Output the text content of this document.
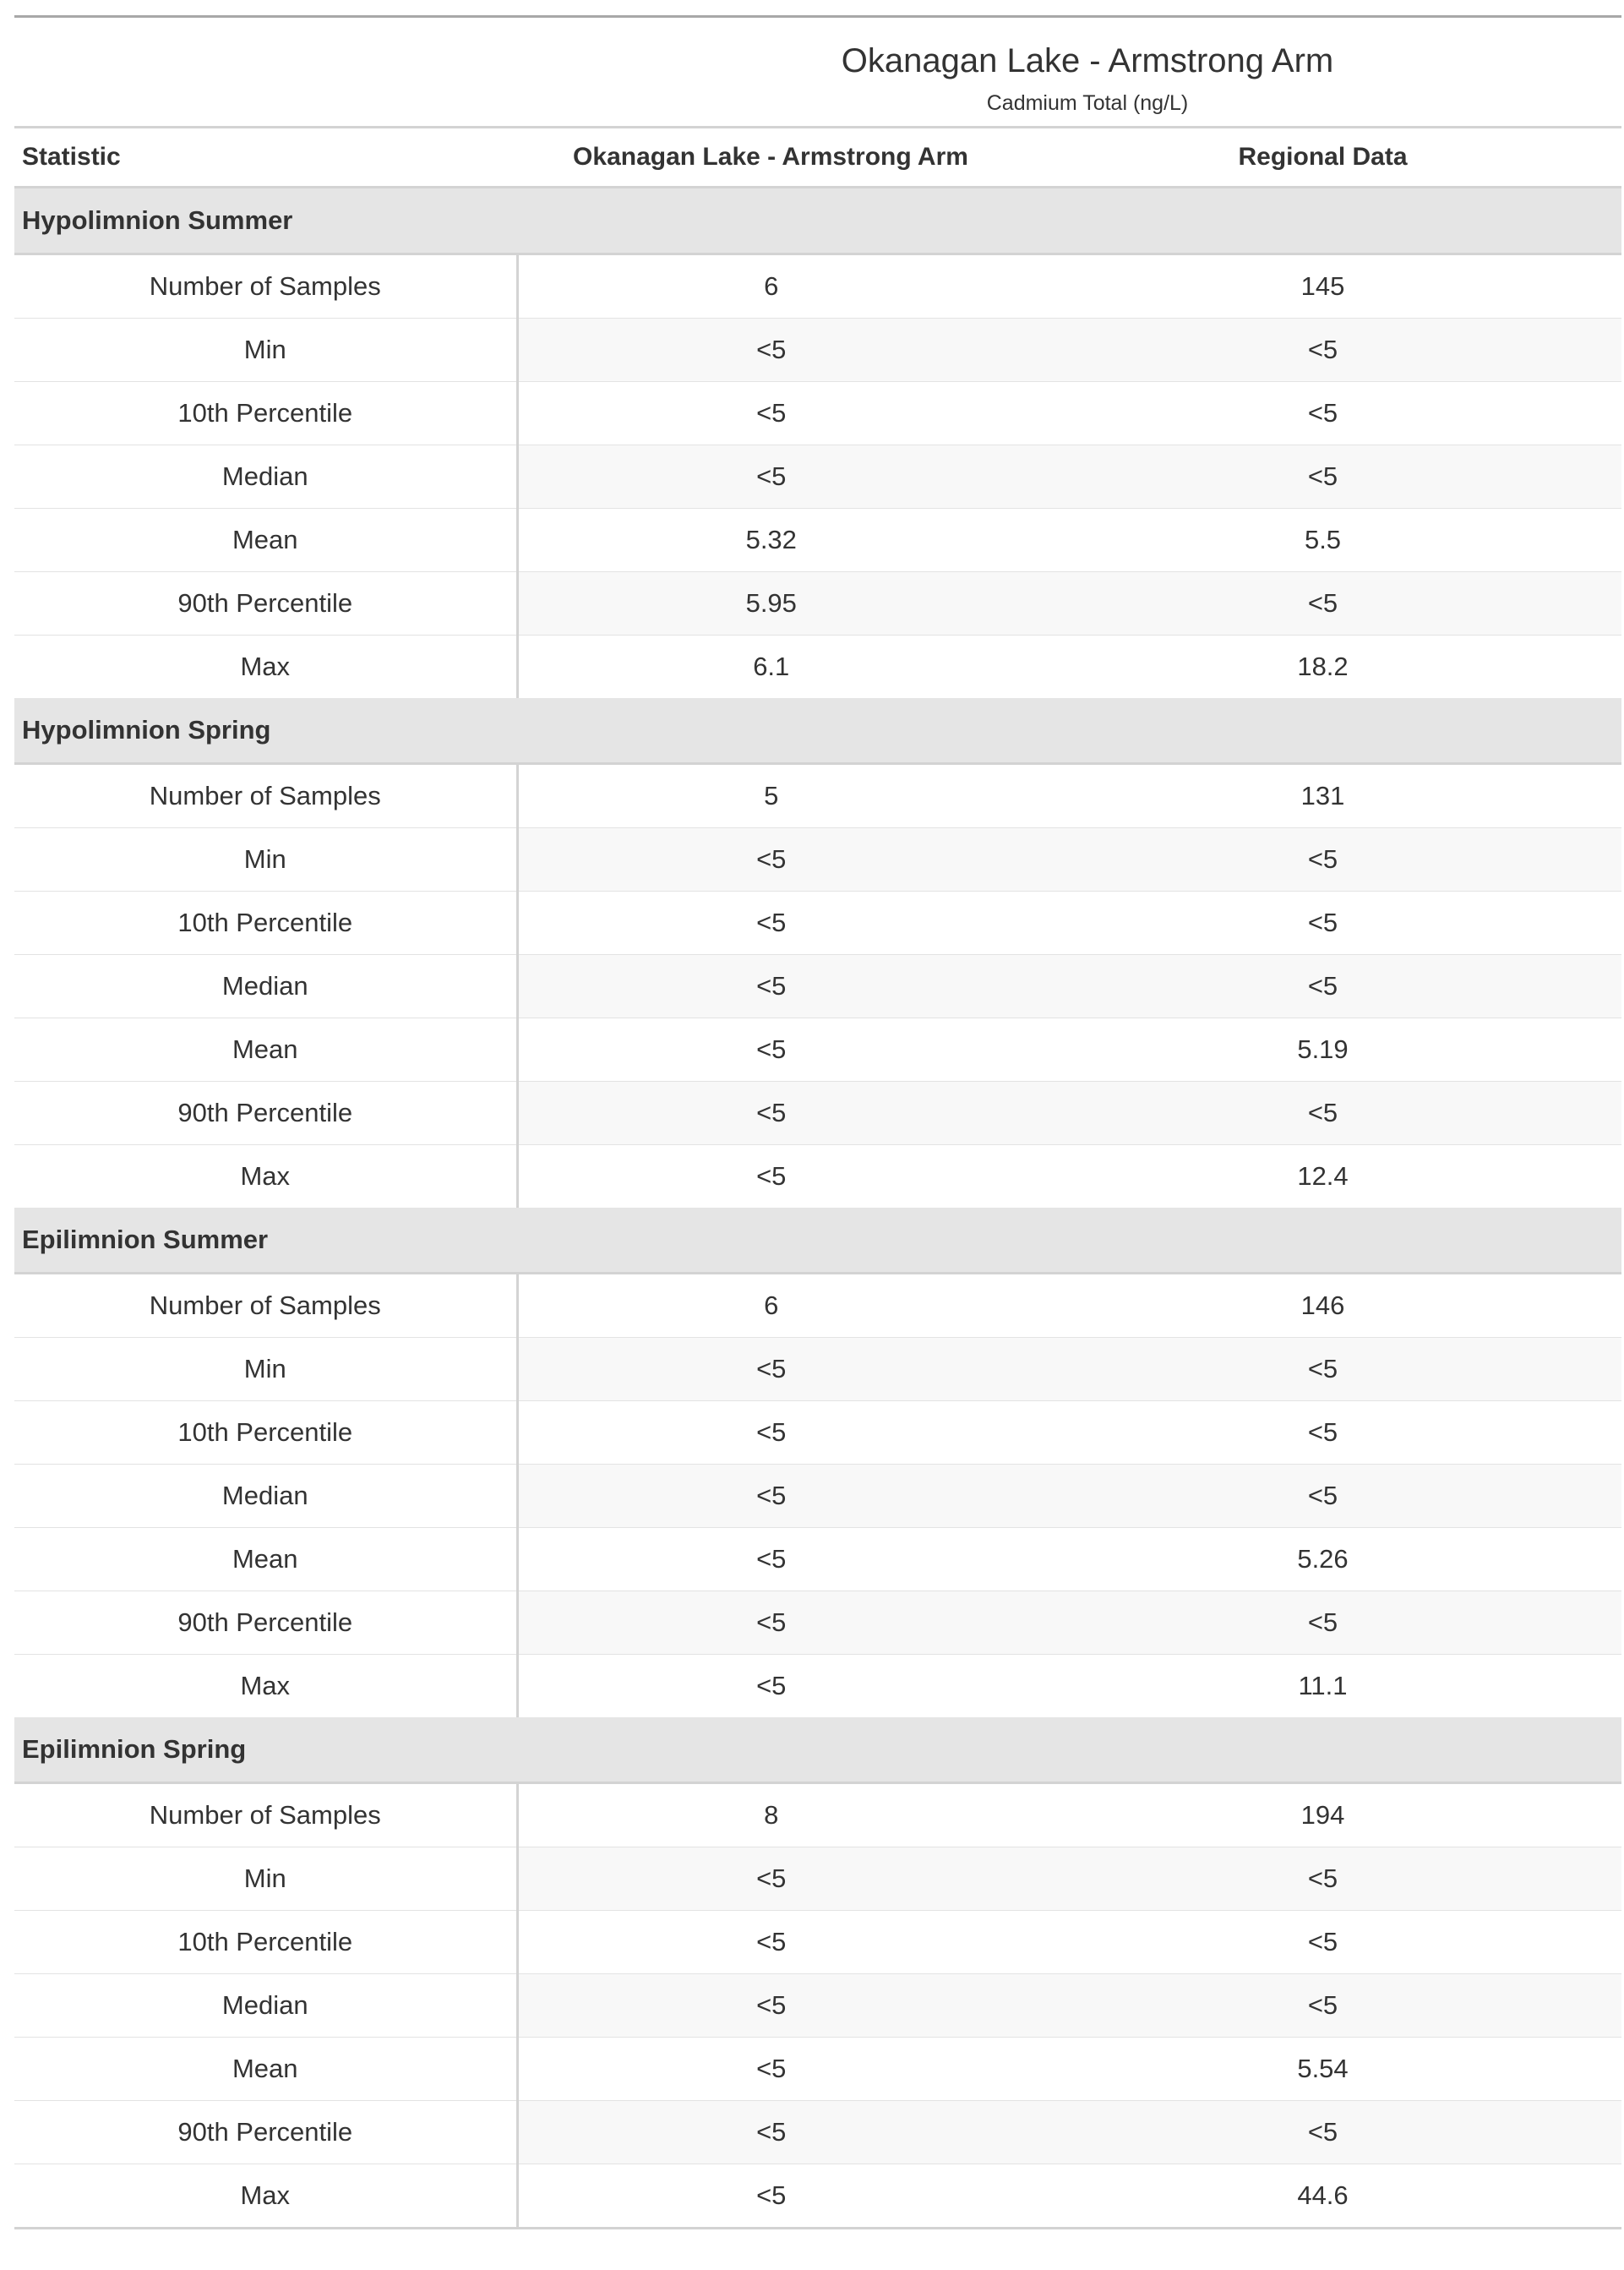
Okanagan Lake - Armstrong Arm		
Cadmium Total (ng/L)		
Statistic	Okanagan Lake - Armstrong Arm	Regional Data
Hypolimnion Summer		
Number of Samples	6	145
Min	<5	<5
10th Percentile	<5	<5
Median	<5	<5
Mean	5.32	5.5
90th Percentile	5.95	<5
Max	6.1	18.2
Hypolimnion Spring		
Number of Samples	5	131
Min	<5	<5
10th Percentile	<5	<5
Median	<5	<5
Mean	<5	5.19
90th Percentile	<5	<5
Max	<5	12.4
Epilimnion Summer		
Number of Samples	6	146
Min	<5	<5
10th Percentile	<5	<5
Median	<5	<5
Mean	<5	5.26
90th Percentile	<5	<5
Max	<5	11.1
Epilimnion Spring		
Number of Samples	8	194
Min	<5	<5
10th Percentile	<5	<5
Median	<5	<5
Mean	<5	5.54
90th Percentile	<5	<5
Max	<5	44.6
